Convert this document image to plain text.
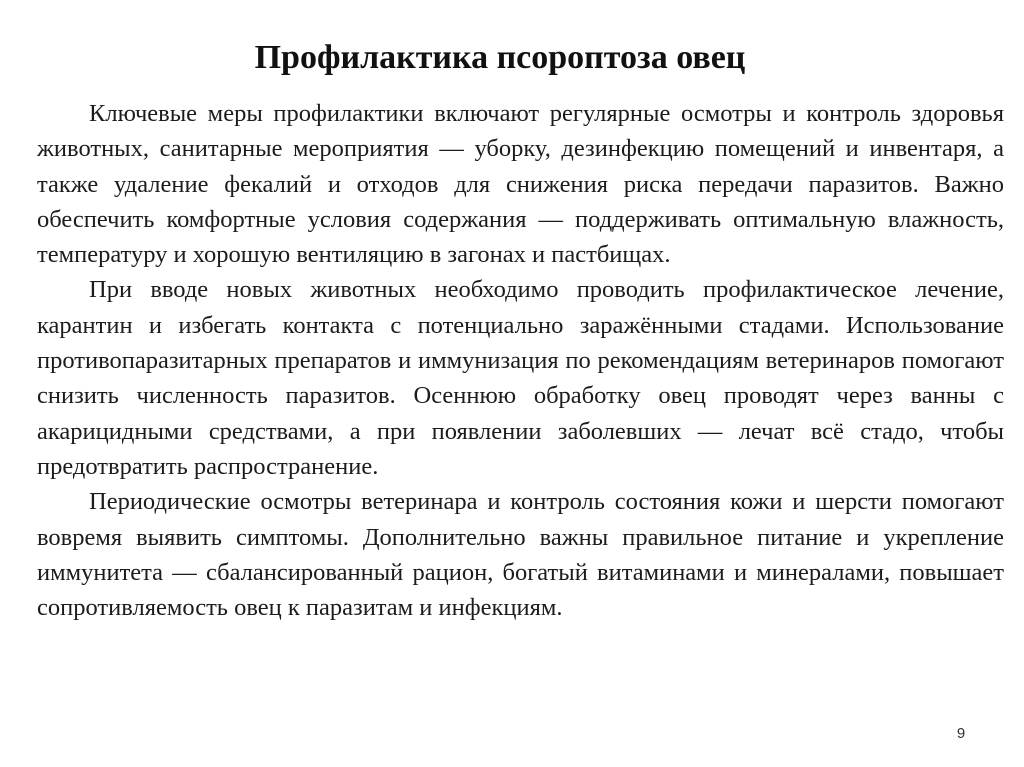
Профилактика псороптоза овец

Ключевые меры профилактики включают регулярные осмотры и контроль здоровья животных, санитарные мероприятия — уборку, дезинфекцию помещений и инвентаря, а также удаление фекалий и отходов для снижения риска передачи паразитов. Важно обеспечить комфортные условия содержания — поддерживать оптимальную влажность, температуру и хорошую вентиляцию в загонах и пастбищах.

При вводе новых животных необходимо проводить профилактическое лечение, карантин и избегать контакта с потенциально заражёнными стадами. Использование противопаразитарных препаратов и иммунизация по рекомендациям ветеринаров помогают снизить численность паразитов. Осеннюю обработку овец проводят через ванны с акарицидными средствами, а при появлении заболевших — лечат всё стадо, чтобы предотвратить распространение.

Периодические осмотры ветеринара и контроль состояния кожи и шерсти помогают вовремя выявить симптомы. Дополнительно важны правильное питание и укрепление иммунитета — сбалансированный рацион, богатый витаминами и минералами, повышает сопротивляемость овец к паразитам и инфекциям.

9
